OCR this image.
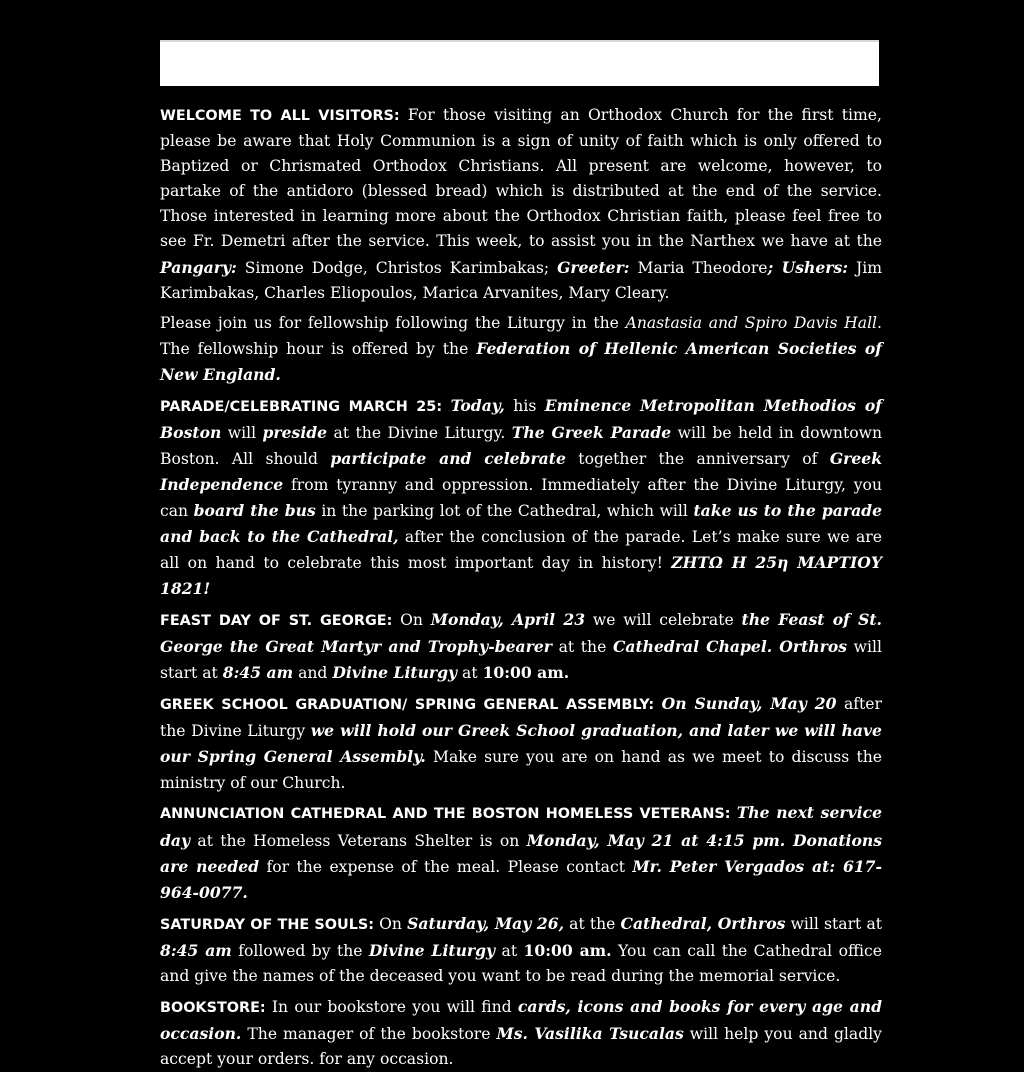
WELCOME TO ALL VISITORS: For those visiting an Orthodox Church for the first time, please be aware that Holy Communion is a sign of unity of faith which is only offered to Baptized or Chrismated Orthodox Christians. All present are welcome, however, to partake of the antidoro (blessed bread) which is distributed at the end of the service. Those interested in learning more about the Orthodox Christian faith, please feel free to see Fr. Demetri after the service. This week, to assist you in the Narthex we have at the Pangary: Simone Dodge, Christos Karimbakas; Greeter: Maria Theodore; Ushers: Jim Karimbakas, Charles Eliopoulos, Marica Arvanites, Mary Cleary.

Please join us for fellowship following the Liturgy in the Anastasia and Spiro Davis Hall. The fellowship hour is offered by the Federation of Hellenic American Societies of New England.

PARADE/CELEBRATING MARCH 25: Today, his Eminence Metropolitan Methodios of Boston will preside at the Divine Liturgy. The Greek Parade will be held in downtown Boston. All should participate and celebrate together the anniversary of Greek Independence from tyranny and oppression. Immediately after the Divine Liturgy, you can board the bus in the parking lot of the Cathedral, which will take us to the parade and back to the Cathedral, after the conclusion of the parade. Let’s make sure we are all on hand to celebrate this most important day in history! ΖΗΤΩ Η 25η ΜΑΡΤΙΟΥ 1821!

FEAST DAY OF ST. GEORGE: On Monday, April 23 we will celebrate the Feast of St. George the Great Martyr and Trophy-bearer at the Cathedral Chapel. Orthros will start at 8:45 am and Divine Liturgy at 10:00 am.

GREEK SCHOOL GRADUATION/ SPRING GENERAL ASSEMBLY: On Sunday, May 20 after the Divine Liturgy we will hold our Greek School graduation, and later we will have our Spring General Assembly. Make sure you are on hand as we meet to discuss the ministry of our Church.

ANNUNCIATION CATHEDRAL AND THE BOSTON HOMELESS VETERANS: The next service day at the Homeless Veterans Shelter is on Monday, May 21 at 4:15 pm. Donations are needed for the expense of the meal. Please contact Mr. Peter Vergados at: 617-964-0077.

SATURDAY OF THE SOULS: On Saturday, May 26, at the Cathedral, Orthros will start at 8:45 am followed by the Divine Liturgy at 10:00 am. You can call the Cathedral office and give the names of the deceased you want to be read during the memorial service.

BOOKSTORE: In our bookstore you will find cards, icons and books for every age and occasion. The manager of the bookstore Ms. Vasilika Tsucalas will help you and gladly accept your orders. for any occasion.
